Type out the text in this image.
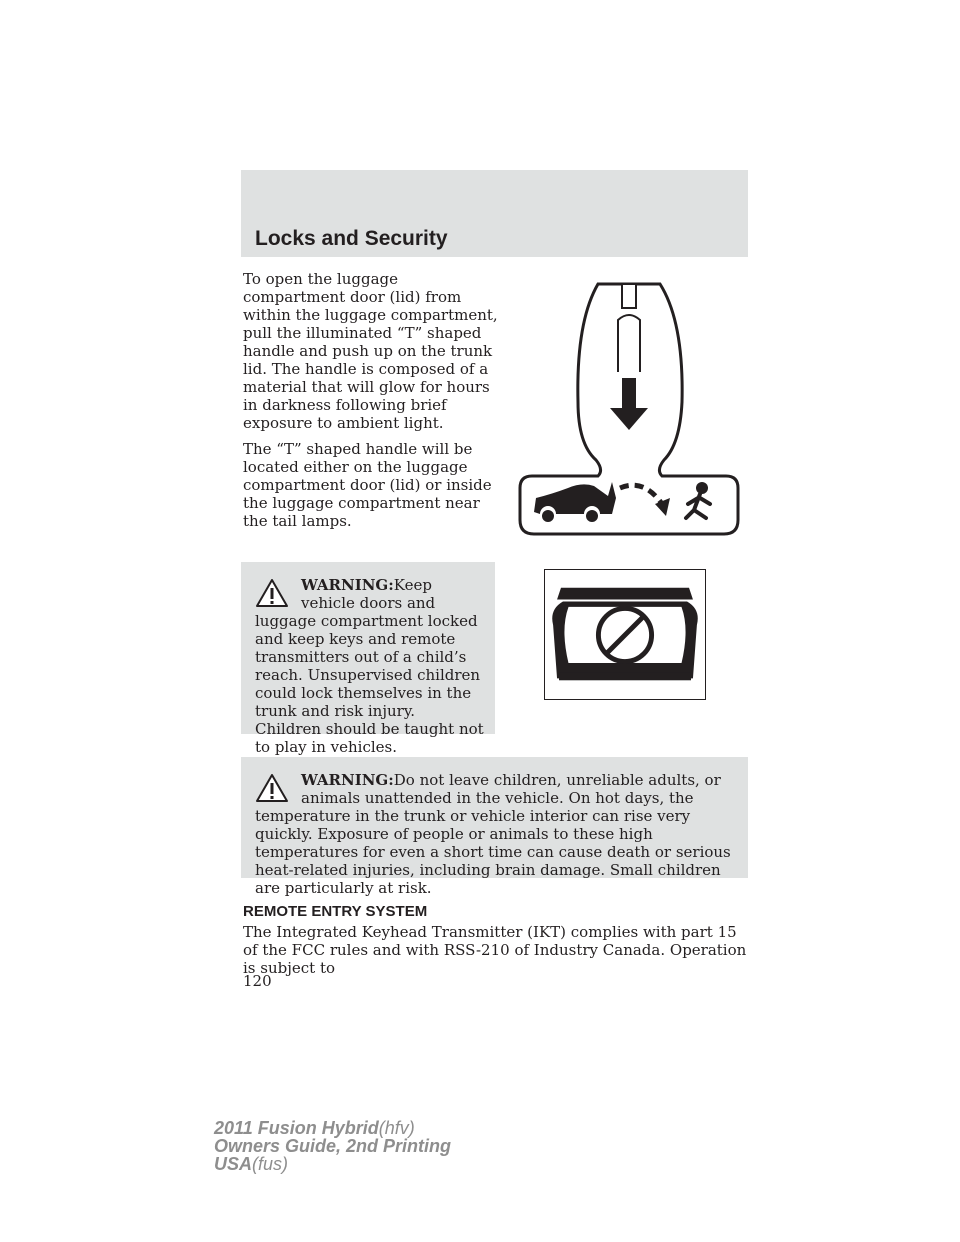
Locks and Security

To open the luggage compartment door (lid) from within the luggage compartment, pull the illuminated “T” shaped handle and push up on the trunk lid. The handle is composed of a material that will glow for hours in darkness following brief exposure to ambient light.

The “T” shaped handle will be located either on the luggage compartment door (lid) or inside the luggage compartment near the tail lamps.

WARNING:Keep vehicle doors and luggage compartment locked and keep keys and remote transmitters out of a child’s reach. Unsupervised children could lock themselves in the trunk and risk injury. Children should be taught not to play in vehicles.

WARNING:Do not leave children, unreliable adults, or animals unattended in the vehicle. On hot days, the temperature in the trunk or vehicle interior can rise very quickly. Exposure of people or animals to these high temperatures for even a short time can cause death or serious heat-related injuries, including brain damage. Small children are particularly at risk.

REMOTE ENTRY SYSTEM

The Integrated Keyhead Transmitter (IKT) complies with part 15 of the FCC rules and with RSS-210 of Industry Canada. Operation is subject to

120
2011 Fusion Hybrid(hfv)
Owners Guide, 2nd Printing
USA(fus)
